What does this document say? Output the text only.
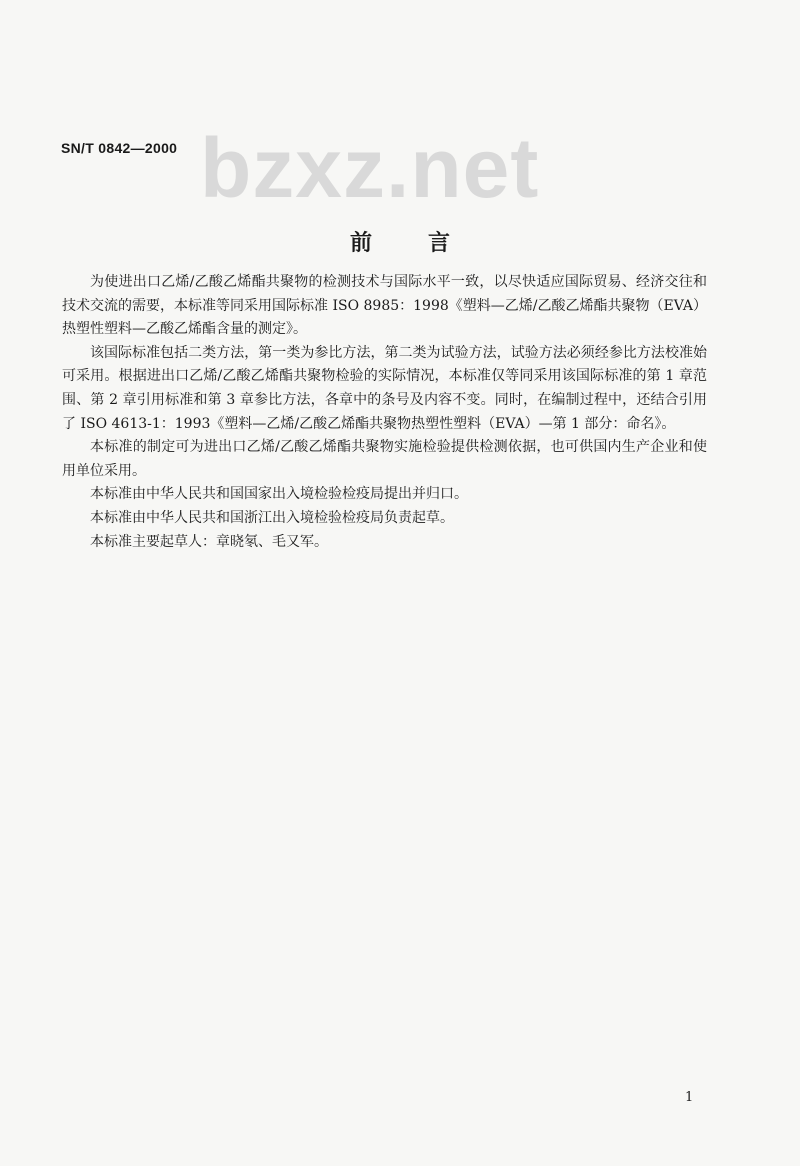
bzxz.net
SN/T 0842—2000
前	言

为使进出口乙烯/乙酸乙烯酯共聚物的检测技术与国际水平一致，以尽快适应国际贸易、经济交往和技术交流的需要，本标准等同采用国际标准 ISO 8985：1998《塑料—乙烯/乙酸乙烯酯共聚物（EVA）热塑性塑料—乙酸乙烯酯含量的测定》。

该国际标准包括二类方法，第一类为参比方法，第二类为试验方法，试验方法必须经参比方法校准始可采用。根据进出口乙烯/乙酸乙烯酯共聚物检验的实际情况，本标准仅等同采用该国际标准的第 1 章范围、第 2 章引用标准和第 3 章参比方法，各章中的条号及内容不变。同时，在编制过程中，还结合引用了 ISO 4613-1：1993《塑料—乙烯/乙酸乙烯酯共聚物热塑性塑料（EVA）—第 1 部分：命名》。

本标准的制定可为进出口乙烯/乙酸乙烯酯共聚物实施检验提供检测依据，也可供国内生产企业和使用单位采用。

本标准由中华人民共和国国家出入境检验检疫局提出并归口。

本标准由中华人民共和国浙江出入境检验检疫局负责起草。

本标准主要起草人：章晓氡、毛又军。

1
